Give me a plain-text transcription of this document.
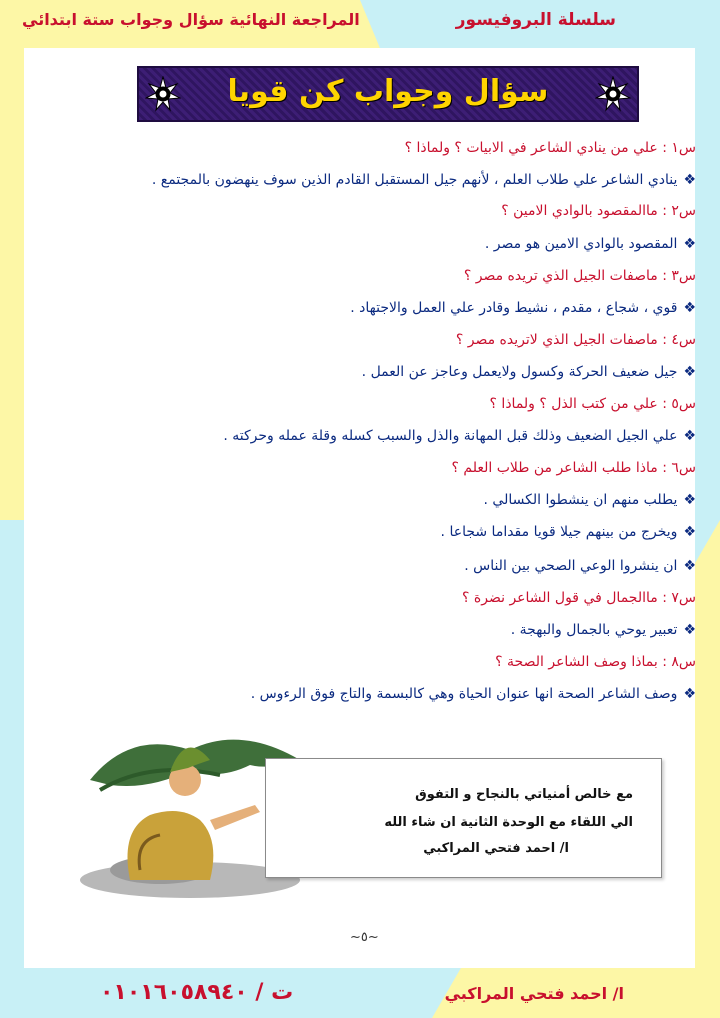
المراجعة النهائية سؤال وجواب ستة ابتدائي	سلسلة البروفيسور
سؤال وجواب كن قويا
س١ : علي من ينادي الشاعر في الابيات ؟ ولماذا ؟
❖ينادي الشاعر علي طلاب العلم ، لأنهم جيل المستقبل القادم الذين سوف ينهضون بالمجتمع .
س٢ : ماالمقصود بالوادي الامين ؟
❖المقصود بالوادي الامين هو مصر .
س٣ : ماصفات الجيل الذي تريده مصر ؟
❖قوي ، شجاع ، مقدم ، نشيط وقادر علي العمل والاجتهاد .
س٤ : ماصفات الجيل الذي لاتريده مصر ؟
❖جيل ضعيف الحركة وكسول ولايعمل وعاجز عن العمل .
س٥ : علي من كتب الذل ؟ ولماذا ؟
❖علي الجيل الضعيف وذلك قبل المهانة والذل والسبب كسله وقلة عمله وحركته .
س٦ : ماذا طلب الشاعر من طلاب العلم ؟
❖يطلب منهم ان ينشطوا الكسالي .
❖ويخرج من بينهم جيلا قويا مقداما شجاعا .
❖ان ينشروا الوعي الصحي بين الناس .
س٧ : ماالجمال في قول الشاعر نضرة ؟
❖تعبير يوحي بالجمال والبهجة .
س٨ : بماذا وصف الشاعر الصحة ؟
❖وصف الشاعر الصحة انها عنوان الحياة وهي كالبسمة والتاج فوق الرءوس .
مع خالص أمنياتي بالنجاح و التفوق
الي اللقاء مع الوحدة الثانية ان شاء الله
ا/ احمد فتحي المراكبي
~٥~
ت / ٠١٠١٦٠٥٨٩٤٠	ا/ احمد فتحي المراكبي
